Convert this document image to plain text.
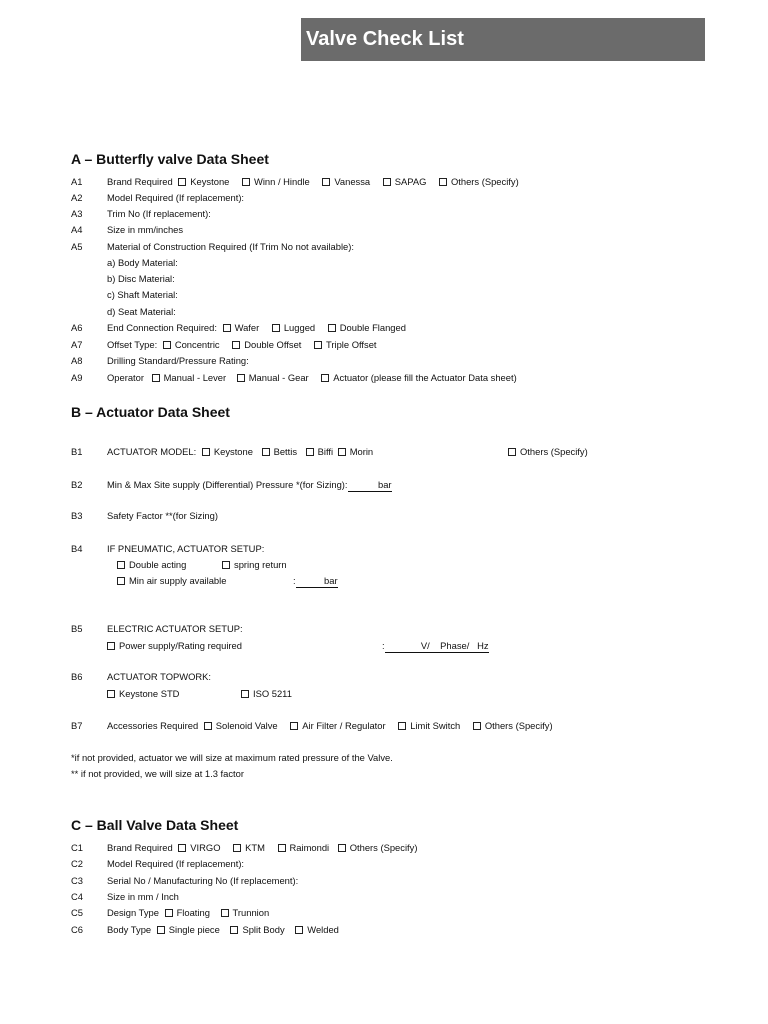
Valve Check List
A – Butterfly valve Data Sheet
A1	Brand Required Keystone	Winn / Hindle	Vanessa	SAPAG	Others (Specify)
A2	Model Required (If replacement):
A3	Trim No (If replacement):
A4	Size in mm/inches
A5	Material of Construction Required (If Trim No not available):
a) Body Material:
b) Disc Material:
c) Shaft Material:
d) Seat Material:
A6	End Connection Required: Wafer	Lugged	Double Flanged
A7	Offset Type: Concentric	Double Offset	Triple Offset
A8	Drilling Standard/Pressure Rating:
A9	Operator Manual - Lever Manual - Gear	Actuator (please fill the Actuator Data sheet)
B – Actuator Data Sheet
B1	ACTUATOR MODEL: Keystone Bettis Biffi Morin	Others (Specify)
B2	Min & Max Site supply (Differential) Pressure *(for Sizing):	bar
B3	Safety Factor **(for Sizing)
B4	IF PNEUMATIC, ACTUATOR SETUP:
Double acting	spring return
Min air supply available	:	bar
B5	ELECTRIC ACTUATOR SETUP:
Power supply/Rating required	:	V/    Phase/   Hz
B6	ACTUATOR TOPWORK:
Keystone STD	ISO 5211
B7	Accessories Required Solenoid Valve	Air Filter / Regulator	Limit Switch	Others (Specify)
*if not provided, actuator we will size at maximum rated pressure of the Valve.
** if not provided, we will size at 1.3 factor
C – Ball Valve Data Sheet
C1	Brand Required VIRGO	KTM	Raimondi Others (Specify)
C2	Model Required (If replacement):
C3	Serial No / Manufacturing No (If replacement):
C4	Size in mm / Inch
C5	Design Type Floating Trunnion
C6	Body Type Single piece Split Body Welded
